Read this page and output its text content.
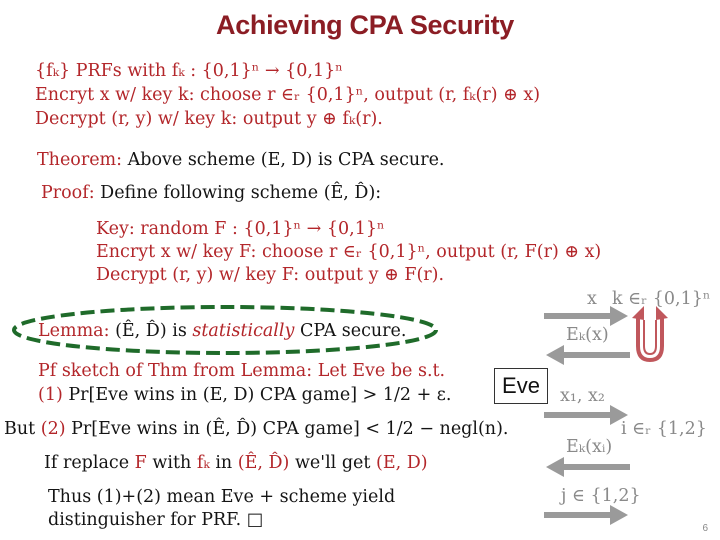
Achieving CPA Security
{fₖ} PRFs with fₖ : {0,1}ⁿ → {0,1}ⁿ
Encryt x w/ key k: choose r ∈ᵣ {0,1}ⁿ, output (r, fₖ(r) ⊕ x)
Decrypt (r, y) w/ key k: output y ⊕ fₖ(r).
Theorem: Above scheme (E, D) is CPA secure.
Proof: Define following scheme (Ê, D̂):
Key: random F : {0,1}ⁿ → {0,1}ⁿ
Encryt x w/ key F: choose r ∈ᵣ {0,1}ⁿ, output (r, F(r) ⊕ x)
Decrypt (r, y) w/ key F: output y ⊕ F(r).
Lemma: (Ê, D̂) is statistically CPA secure.
Pf sketch of Thm from Lemma: Let Eve be s.t.
(1) Pr[Eve wins in (E, D) CPA game] > 1/2 + ε.
But (2) Pr[Eve wins in (Ê, D̂) CPA game] < 1/2 − negl(n).
If replace F with fₖ in (Ê, D̂) we'll get (E, D)
Thus (1)+(2) mean Eve + scheme yield
distinguisher for PRF. □
Eve
x k ∈ᵣ {0,1}ⁿ
Eₖ(x)
x₁, x₂
i ∈ᵣ {1,2}
Eₖ(xᵢ)
j ∈ {1,2}
6
